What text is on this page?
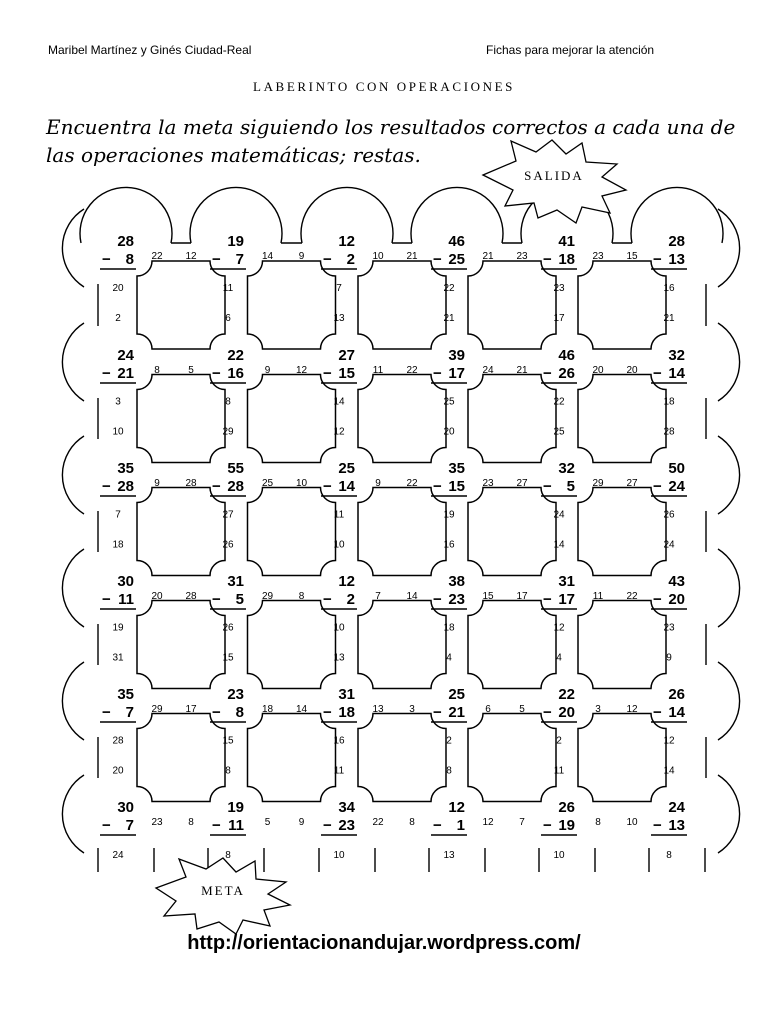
Maribel Martínez y Ginés Ciudad-Real	Fichas para mejorar la atención
LABERINTO CON OPERACIONES
Encuentra la meta siguiendo los resultados correctos a cada una de las operaciones matemáticas; restas.
28
− 8
19
− 7
12
− 2
46
− 25
41
− 18
28
− 13
24
− 21
22
− 16
27
− 15
39
− 17
46
− 26
32
− 14
35
− 28
55
− 28
25
− 14
35
− 15
32
− 5
50
− 24
30
− 11
31
− 5
12
− 2
38
− 23
31
− 17
43
− 20
35
− 7
23
− 8
31
− 18
25
− 21
22
− 20
26
− 14
30
− 7
19
− 11
34
− 23
12
− 1
26
− 19
24
− 13
22 12	14	9	10 21	21 23	23 15
8	5	9	12	11 22	24 21	20 20
9	28	25 10	9	22	23 27	29 27
20 28	29	8	7	14	15 17	11 22
29 17	18 14	13	3	6	5	3	12
23	8	5	9	22	8	12	7	8	10
20
2
11
6
7
13
22
21
23
17
16
21
3
10
8
29
14
12
25
20
22
25
18
28
7
18
27
26
11
10
19
16
24
14
26
24
19
31
26
15
10
13
18
4
12
4
23
9
28
20
15
8
16
11
2
8
2
11
12
14
24	8	10	13	10	8
SALIDA
META
http://orientacionandujar.wordpress.com/
